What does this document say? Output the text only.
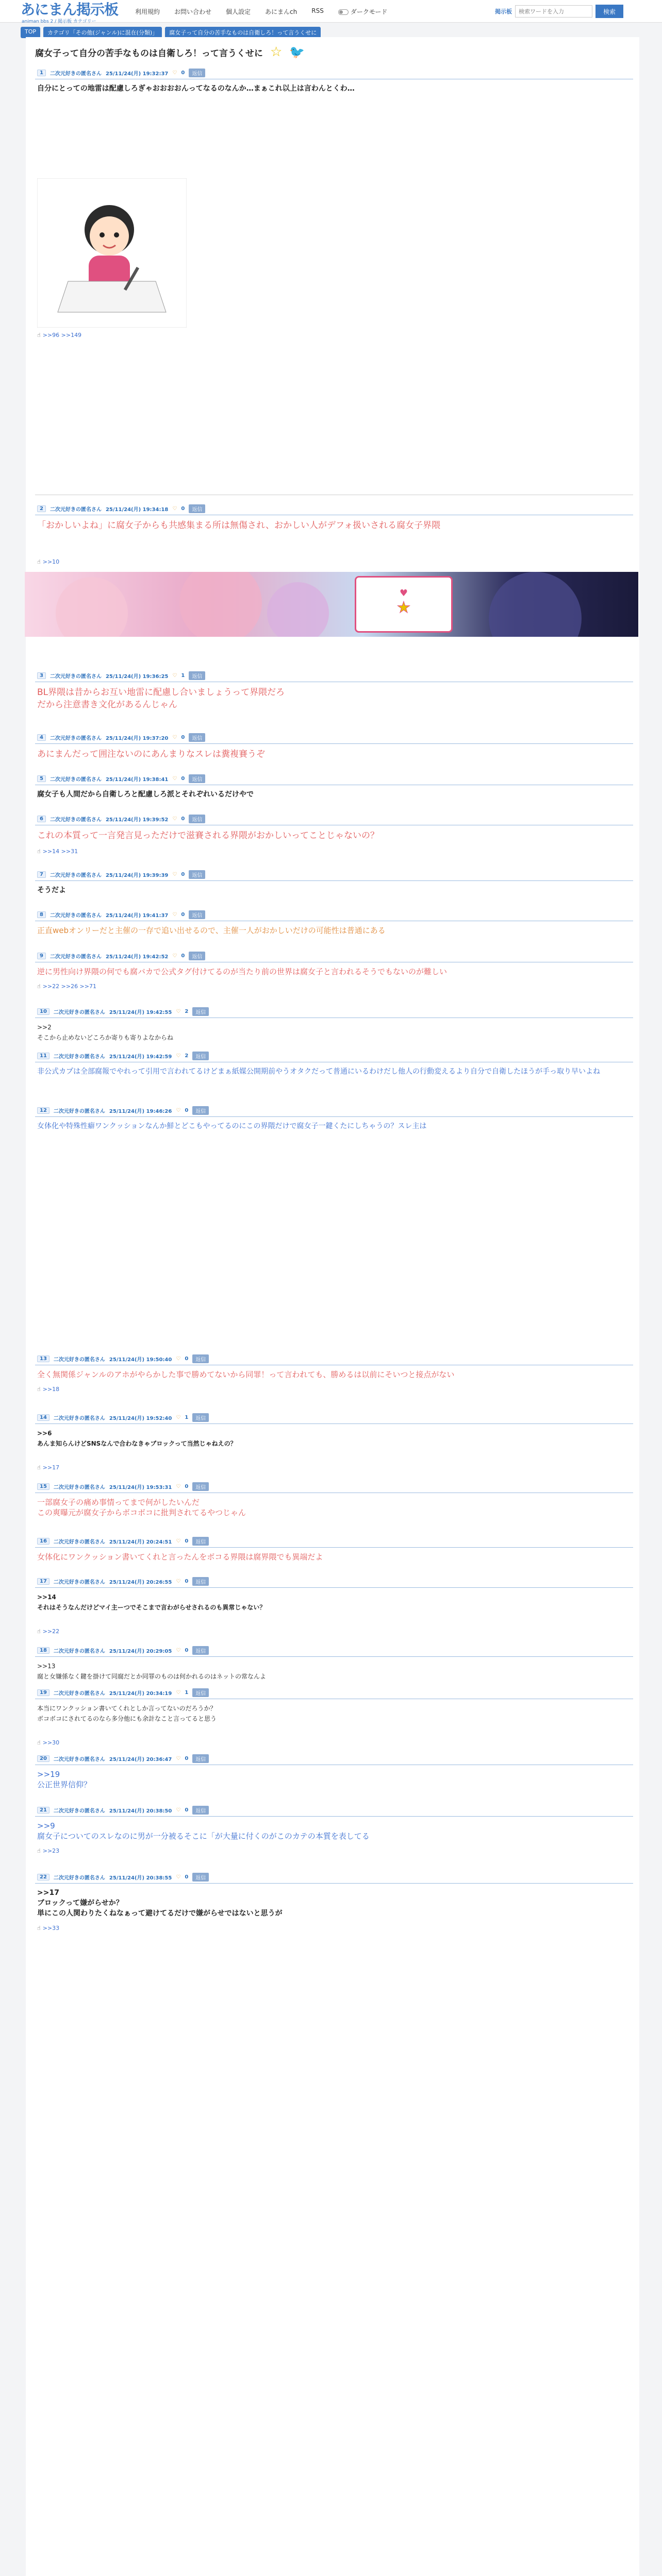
あにまん掲示板
animan bbs 2 / 掲示板 カテゴリー
利用規約 お問い合わせ 個人設定 あにまんch RSS	ダークモード	掲示板
検索ワードを入力	検索
TOP	カテゴリ「その他(ジャンル)に混在(分類)」	腐女子って自分の苦手なものは自衛しろ！って言うくせに
腐女子って自分の苦手なものは自衛しろ！って言うくせに ☆ 🐦
1	二次元好きの匿名さん 25/11/24(月) 19:32:37 ♡ 0	返信
自分にとっての地雷は配慮しろぎゃおおおおんってなるのなんか…まぁこれ以上は言わんとくわ…
☝ >>96 >>149
2	二次元好きの匿名さん 25/11/24(月) 19:34:18 ♡ 0	返信
「おかしいよね」に腐女子からも共感集まる所は無傷され、おかしい人がデフォ扱いされる腐女子界隈
☝ >>10
♥
★
3	二次元好きの匿名さん 25/11/24(月) 19:36:25 ♡ 1	返信
BL界隈は昔からお互い地雷に配慮し合いましょうって界隈だろ
だから注意書き文化があるんじゃん
4	二次元好きの匿名さん 25/11/24(月) 19:37:20 ♡ 0	返信
あにまんだって囲注ないのにあんまりなスレは糞複賽うぞ
5	二次元好きの匿名さん 25/11/24(月) 19:38:41 ♡ 0	返信
腐女子も人間だから自衛しろと配慮しろ派とそれぞれいるだけやで
6	二次元好きの匿名さん 25/11/24(月) 19:39:52 ♡ 0	返信
これの本質って一言発言見っただけで滋賽される界隈がおかしいってことじゃないの？
☝ >>14 >>31
7	二次元好きの匿名さん 25/11/24(月) 19:39:39 ♡ 0	返信
そうだよ
8	二次元好きの匿名さん 25/11/24(月) 19:41:37 ♡ 0	返信
正直webオンリーだと主催の一存で追い出せるので、主催一人がおかしいだけの可能性は普通にある
9	二次元好きの匿名さん 25/11/24(月) 19:42:52 ♡ 0	返信
逆に男性向け界隈の何でも腐バカで公式タグ付けてるのが当たり前の世界は腐女子と言われるそうでもないのが難しい
☝ >>22 >>26 >>71
10	二次元好きの匿名さん 25/11/24(月) 19:42:55 ♡ 2	返信
>>2
そこから止めないどころか寄りも寄りよなからね
11	二次元好きの匿名さん 25/11/24(月) 19:42:59 ♡ 2	返信
非公式カプは全部腐報でやれって引用で言われてるけどまぁ紙媒公開期前やうオタクだって普通にいるわけだし他人の行動変えるより自分で自衛したほうが手っ取り早いよね
12	二次元好きの匿名さん 25/11/24(月) 19:46:26 ♡ 0	返信
女体化や特殊性癖ワンクッションなんか鮮とどこもやってるのにこの界隈だけで腐女子一鍵くたにしちゃうの？スレ主は
13	二次元好きの匿名さん 25/11/24(月) 19:50:40 ♡ 0	返信
全く無関係ジャンルのアホがやらかした事で勝めてないから同罪！って言われても、勝めるは以前にそいつと接点がない
☝ >>18
14	二次元好きの匿名さん 25/11/24(月) 19:52:40 ♡ 1	返信
>>6
あんま知らんけどSNSなんで合わなきゃブロックって当然じゃねえの？
☝ >>17
15	二次元好きの匿名さん 25/11/24(月) 19:53:31 ♡ 0	返信
一部腐女子の痛め事情ってまで何がしたいんだ
この爽曝元が腐女子からボコボコに批判されてるやつじゃん
16	二次元好きの匿名さん 25/11/24(月) 20:24:51 ♡ 0	返信
女体化にワンクッション書いてくれと言ったんをボコる界隈は腐界隈でも異端だよ
17	二次元好きの匿名さん 25/11/24(月) 20:26:55 ♡ 0	返信
>>14
それはそうなんだけどマイ主ーつでそこまで言わがらせされるのも異常じゃない？
☝ >>22
18	二次元好きの匿名さん 25/11/24(月) 20:29:05 ♡ 0	返信
>>13
腐と女嫌係なく鍵を掛けて同腐だとか同罪のものは何かれるのはネットの常なんよ
19	二次元好きの匿名さん 25/11/24(月) 20:34:19 ♡ 1	返信
本当にワンクッション書いてくれとしか言ってないのだろうか？
ボコボコにされてるのなら多分他にも余計なこと言ってると思う
☝ >>30
20	二次元好きの匿名さん 25/11/24(月) 20:36:47 ♡ 0	返信
>>19
公正世界信仰？
21	二次元好きの匿名さん 25/11/24(月) 20:38:50 ♡ 0	返信
>>9
腐女子についてのスレなのに男が一分被るそこに「が大量に付くのがこのカテの本質を表してる
☝ >>23
22	二次元好きの匿名さん 25/11/24(月) 20:38:55 ♡ 0	返信
>>17
ブロックって嫌がらせか？
単にこの人関わりたくねなぁって避けてるだけで嫌がらせではないと思うが
☝ >>33
